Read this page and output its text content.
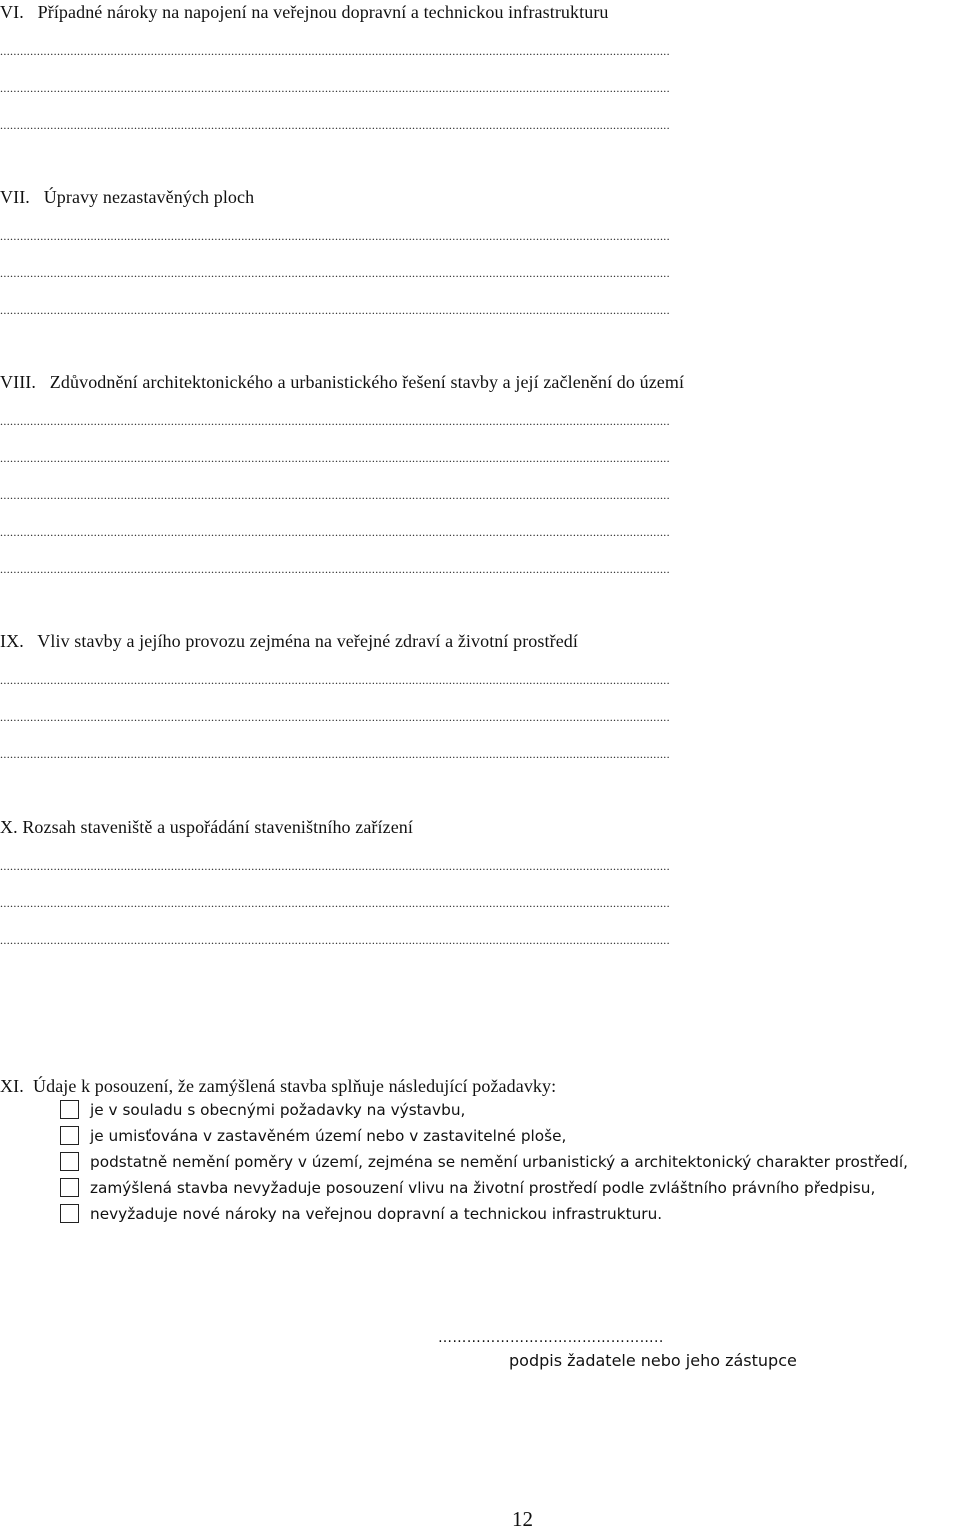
VI. Případné nároky na napojení na veřejnou dopravní a technickou infrastrukturu
.....
.....
.....
VII. Úpravy nezastavěných ploch
.....
.....
.....
VIII. Zdůvodnění architektonického a urbanistického řešení stavby a její začlenění do území
.....
.....
.....
.....
.....
IX. Vliv stavby a jejího provozu zejména na veřejné zdraví a životní prostředí
.....
.....
.....
X. Rozsah staveniště a uspořádání staveništního zařízení
.....
.....
.....
XI. Údaje k posouzení, že zamýšlená stavba splňuje následující požadavky:
je v souladu s obecnými požadavky na výstavbu,
je umisťována v zastavěném území nebo v zastavitelné ploše,
podstatně nemění poměry v území, zejména se nemění urbanistický a architektonický charakter prostředí,
zamýšlená stavba nevyžaduje posouzení vlivu na životní prostředí podle zvláštního právního předpisu,
nevyžaduje nové nároky na veřejnou dopravní a technickou infrastrukturu.
………………………………………..
podpis žadatele nebo jeho zástupce
12
